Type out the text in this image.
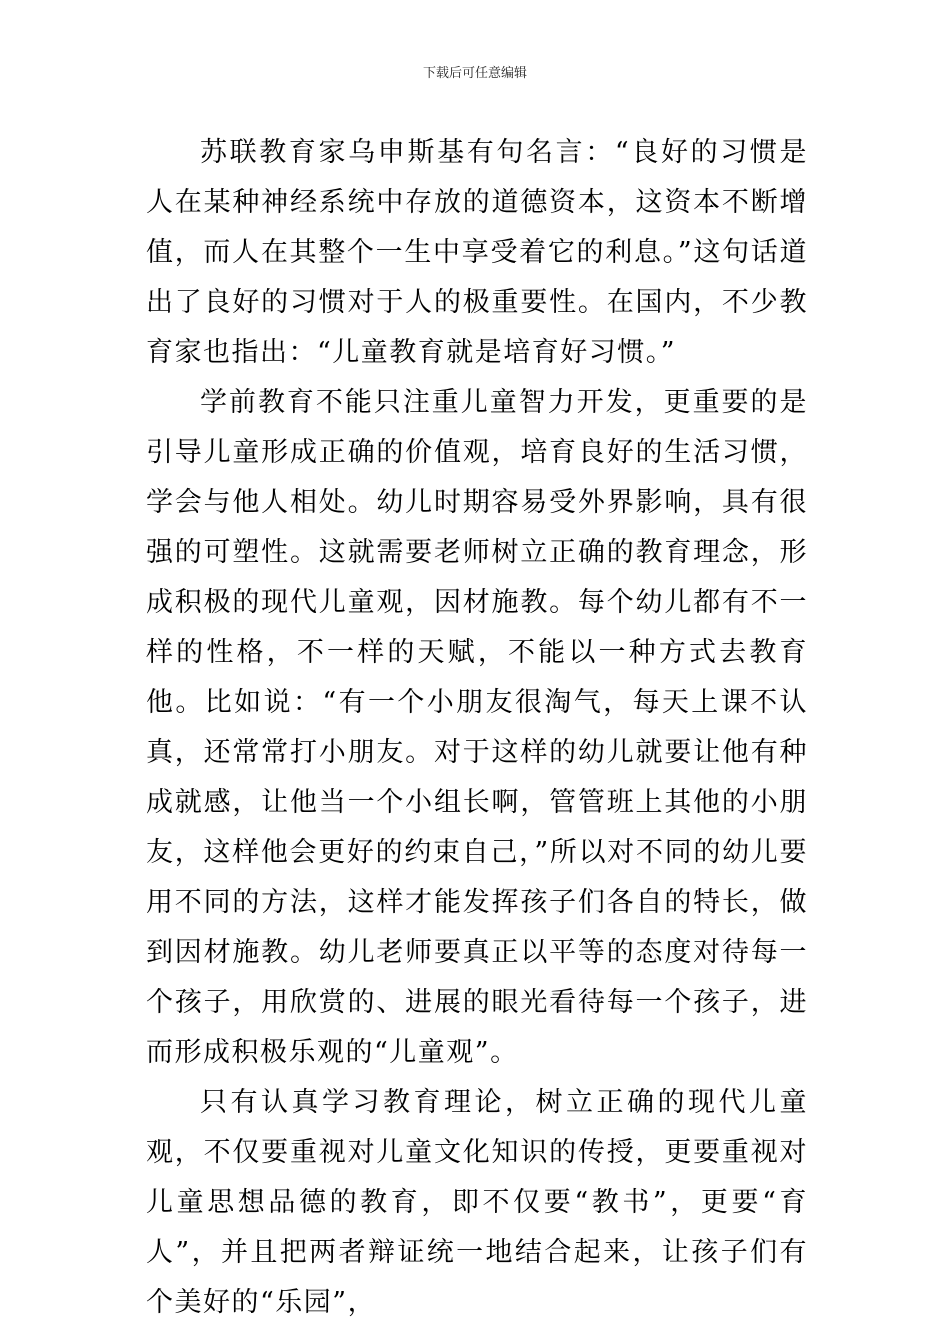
下载后可任意编辑

苏联教育家乌申斯基有句名言：“良好的习惯是人在某种神经系统中存放的道德资本，这资本不断增值，而人在其整个一生中享受着它的利息。”这句话道出了良好的习惯对于人的极重要性。在国内，不少教育家也指出：“儿童教育就是培育好习惯。”

学前教育不能只注重儿童智力开发，更重要的是引导儿童形成正确的价值观，培育良好的生活习惯，学会与他人相处。幼儿时期容易受外界影响，具有很强的可塑性。这就需要老师树立正确的教育理念，形成积极的现代儿童观，因材施教。每个幼儿都有不一样的性格，不一样的天赋，不能以一种方式去教育他。比如说：“有一个小朋友很淘气，每天上课不认真，还常常打小朋友。对于这样的幼儿就要让他有种成就感，让他当一个小组长啊，管管班上其他的小朋友，这样他会更好的约束自己，”所以对不同的幼儿要用不同的方法，这样才能发挥孩子们各自的特长，做到因材施教。幼儿老师要真正以平等的态度对待每一个孩子，用欣赏的、进展的眼光看待每一个孩子，进而形成积极乐观的“儿童观”。

只有认真学习教育理论，树立正确的现代儿童观，不仅要重视对儿童文化知识的传授，更要重视对儿童思想品德的教育，即不仅要“教书”，更要“育人”，并且把两者辩证统一地结合起来，让孩子们有个美好的“乐园”，
